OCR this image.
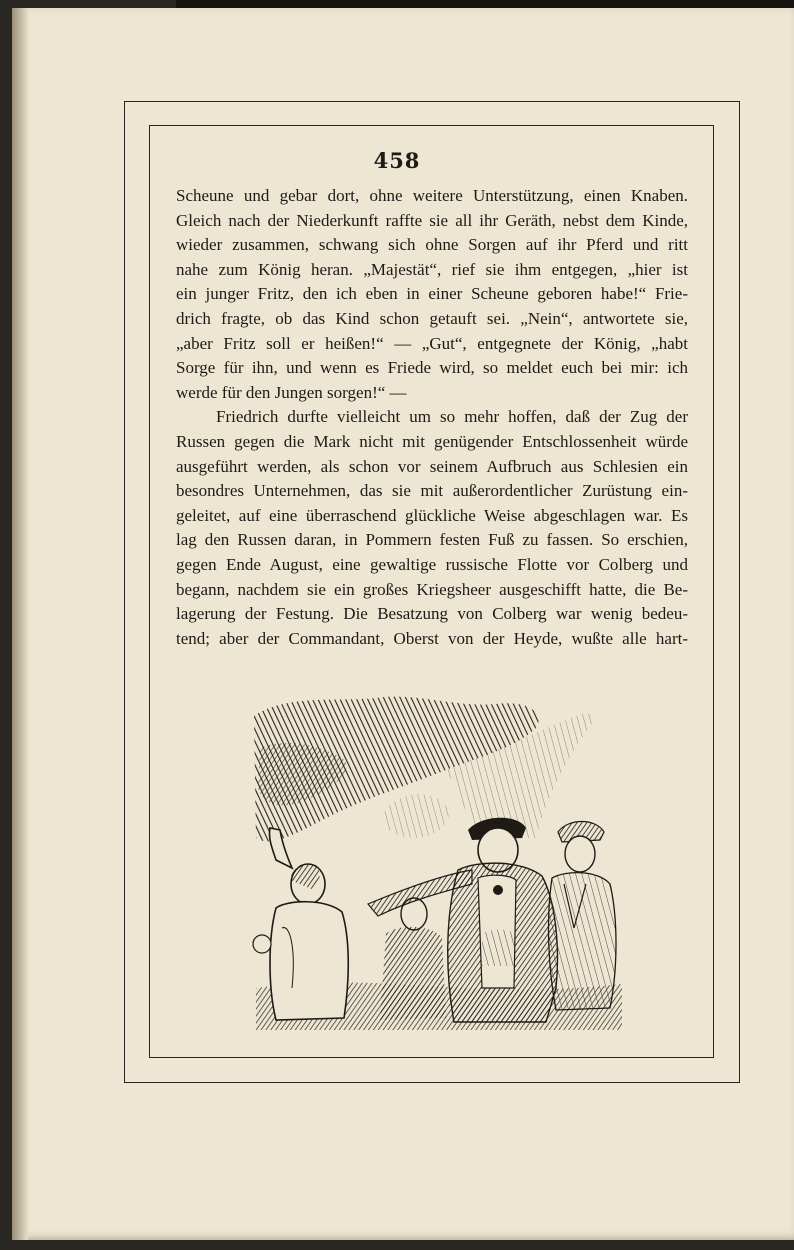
458
Scheune und gebar dort, ohne weitere Unterstützung, einen Knaben.
Gleich nach der Niederkunft raffte sie all ihr Geräth, nebst dem Kinde,
wieder zusammen, schwang sich ohne Sorgen auf ihr Pferd und ritt
nahe zum König heran. „Majestät“, rief sie ihm entgegen, „hier ist
ein junger Fritz, den ich eben in einer Scheune geboren habe!“ Frie-
drich fragte, ob das Kind schon getauft sei. „Nein“, antwortete sie,
„aber Fritz soll er heißen!“ — „Gut“, entgegnete der König, „habt
Sorge für ihn, und wenn es Friede wird, so meldet euch bei mir: ich
werde für den Jungen sorgen!“ —
Friedrich durfte vielleicht um so mehr hoffen, daß der Zug der
Russen gegen die Mark nicht mit genügender Entschlossenheit würde
ausgeführt werden, als schon vor seinem Aufbruch aus Schlesien ein
besondres Unternehmen, das sie mit außerordentlicher Zurüstung ein-
geleitet, auf eine überraschend glückliche Weise abgeschlagen war. Es
lag den Russen daran, in Pommern festen Fuß zu fassen. So erschien,
gegen Ende August, eine gewaltige russische Flotte vor Colberg und
begann, nachdem sie ein großes Kriegsheer ausgeschifft hatte, die Be-
lagerung der Festung. Die Besatzung von Colberg war wenig bedeu-
tend; aber der Commandant, Oberst von der Heyde, wußte alle hart-
